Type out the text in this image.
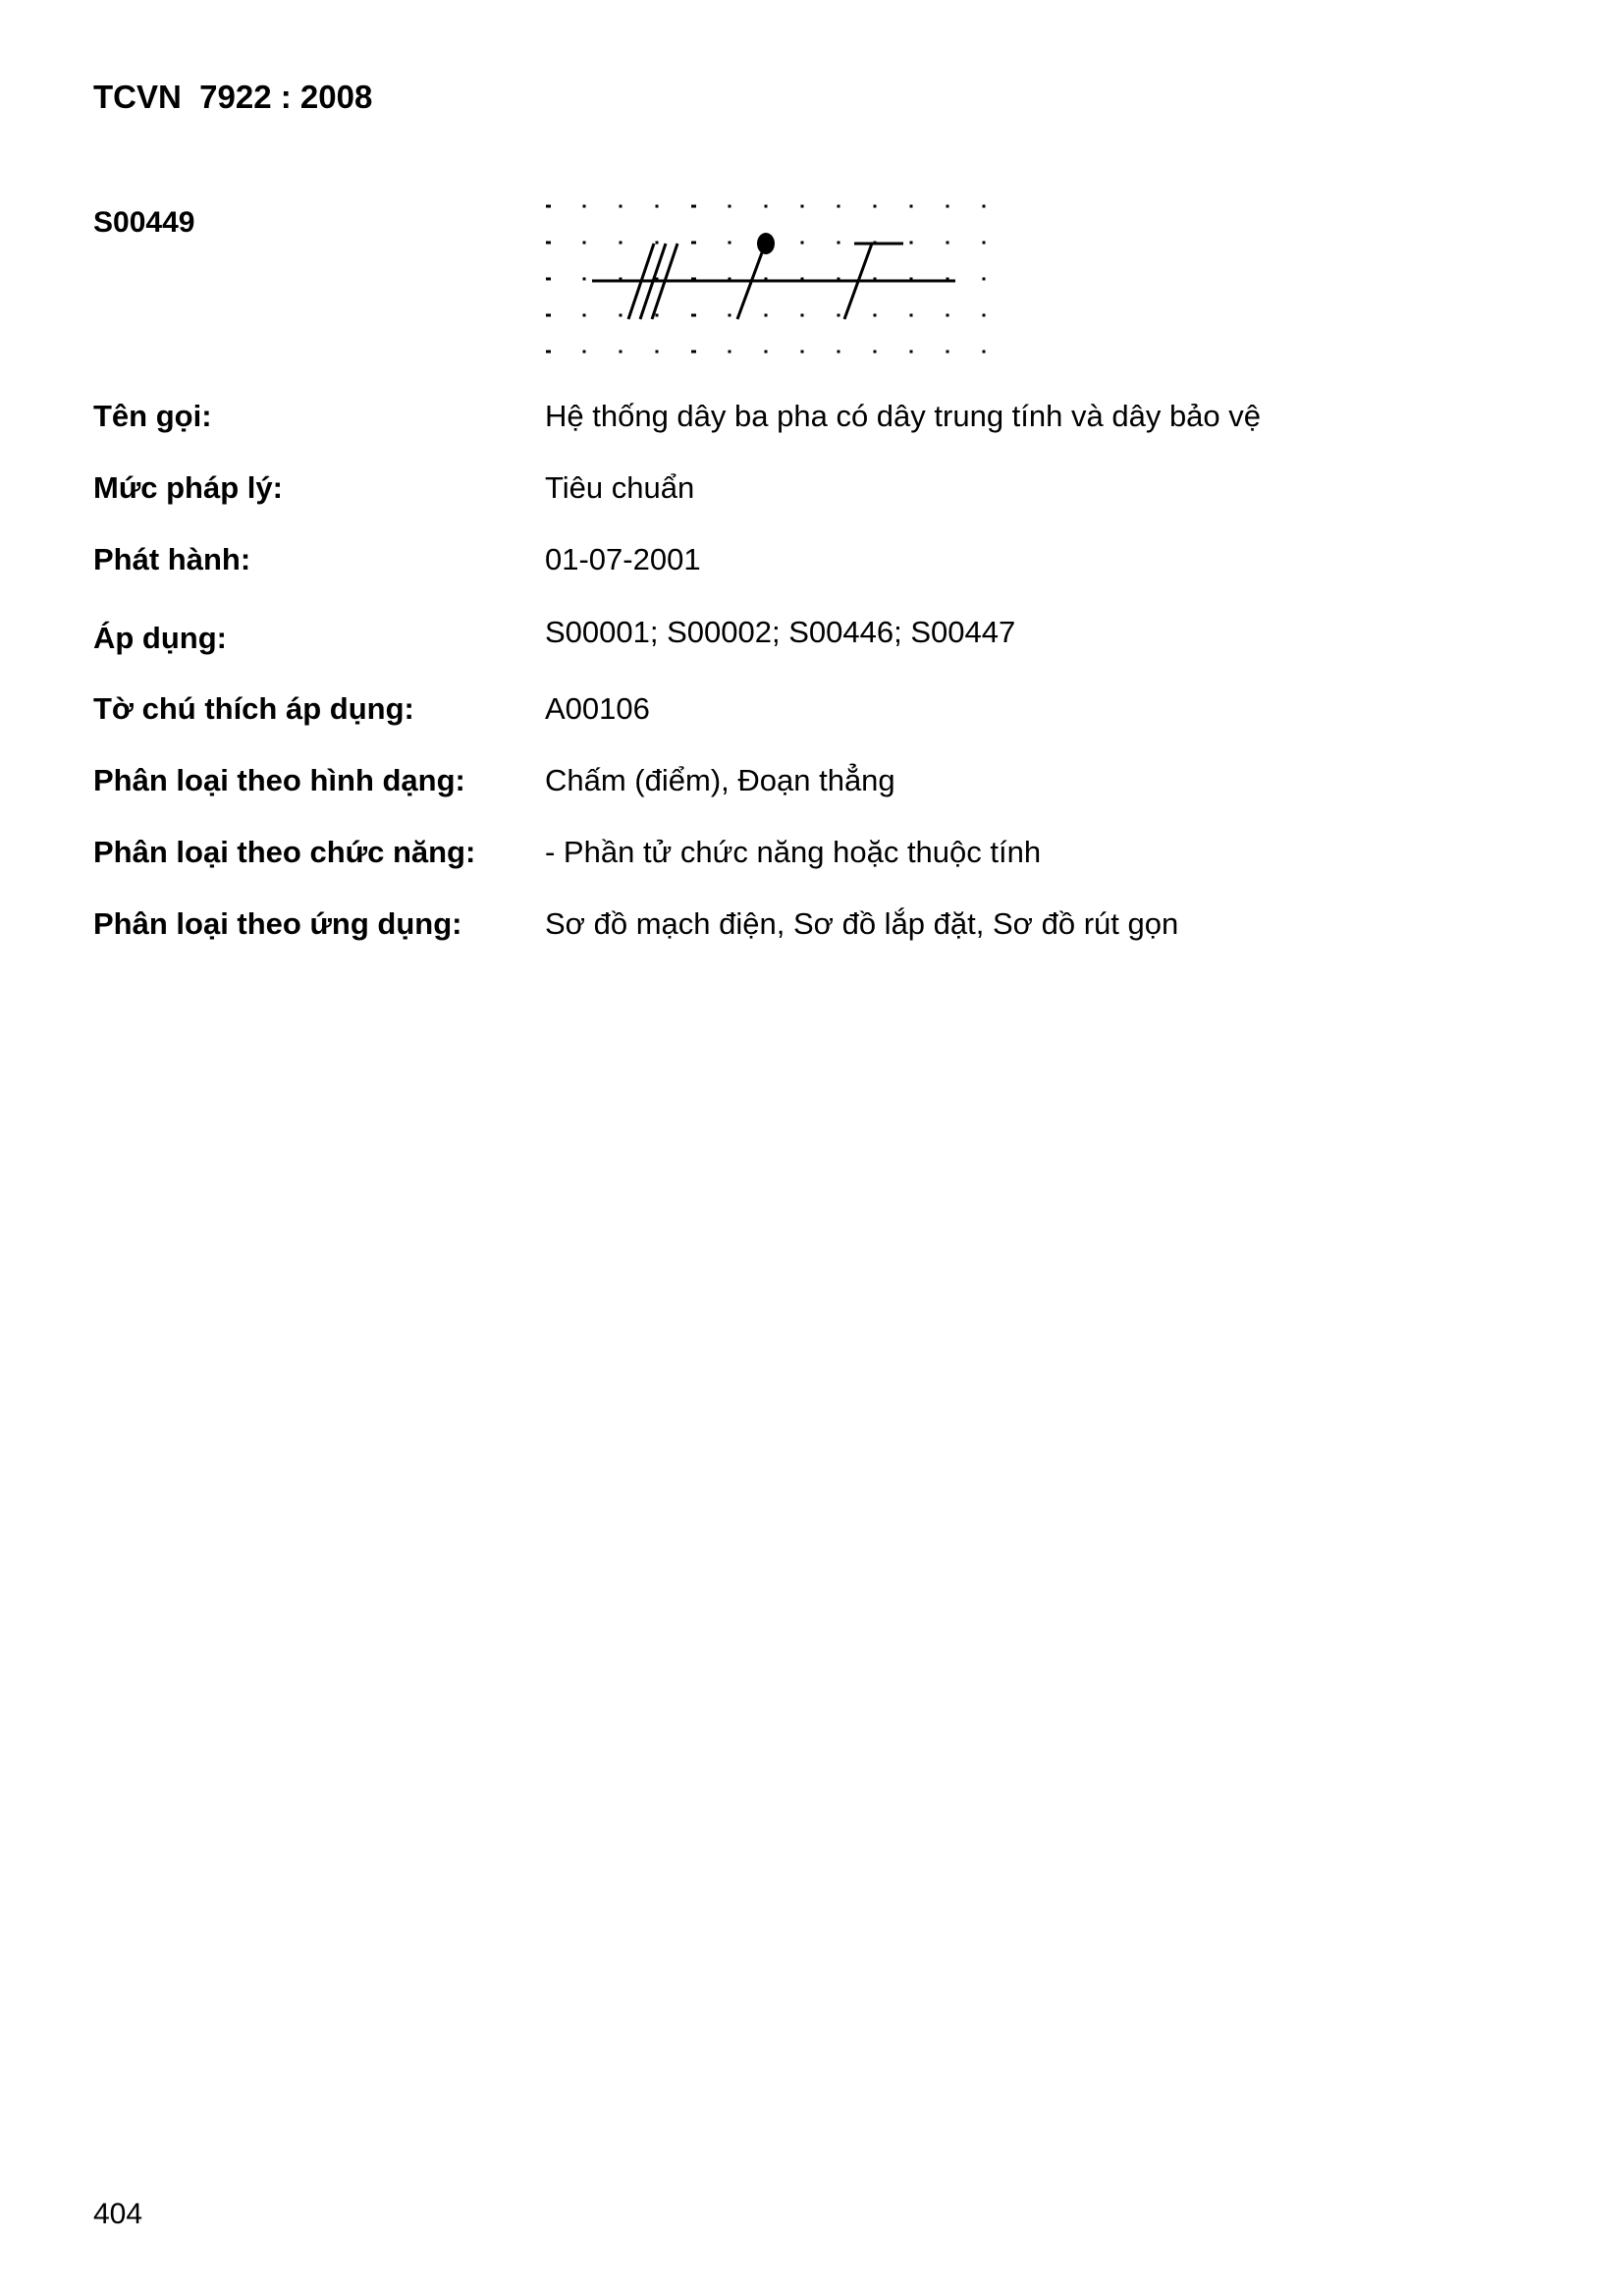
TCVN  7922 : 2008
S00449
Tên gọi:	Hệ thống dây ba pha có dây trung tính và dây bảo vệ
Mức pháp lý:	Tiêu chuẩn
Phát hành:	01-07-2001
Áp dụng:	S00001; S00002; S00446; S00447
Tờ chú thích áp dụng:	A00106
Phân loại theo hình dạng:	Chấm (điểm), Đoạn thẳng
Phân loại theo chức năng: - Phần tử chức năng hoặc thuộc tính
Phân loại theo ứng dụng:	Sơ đồ mạch điện, Sơ đồ lắp đặt, Sơ đồ rút gọn
404
